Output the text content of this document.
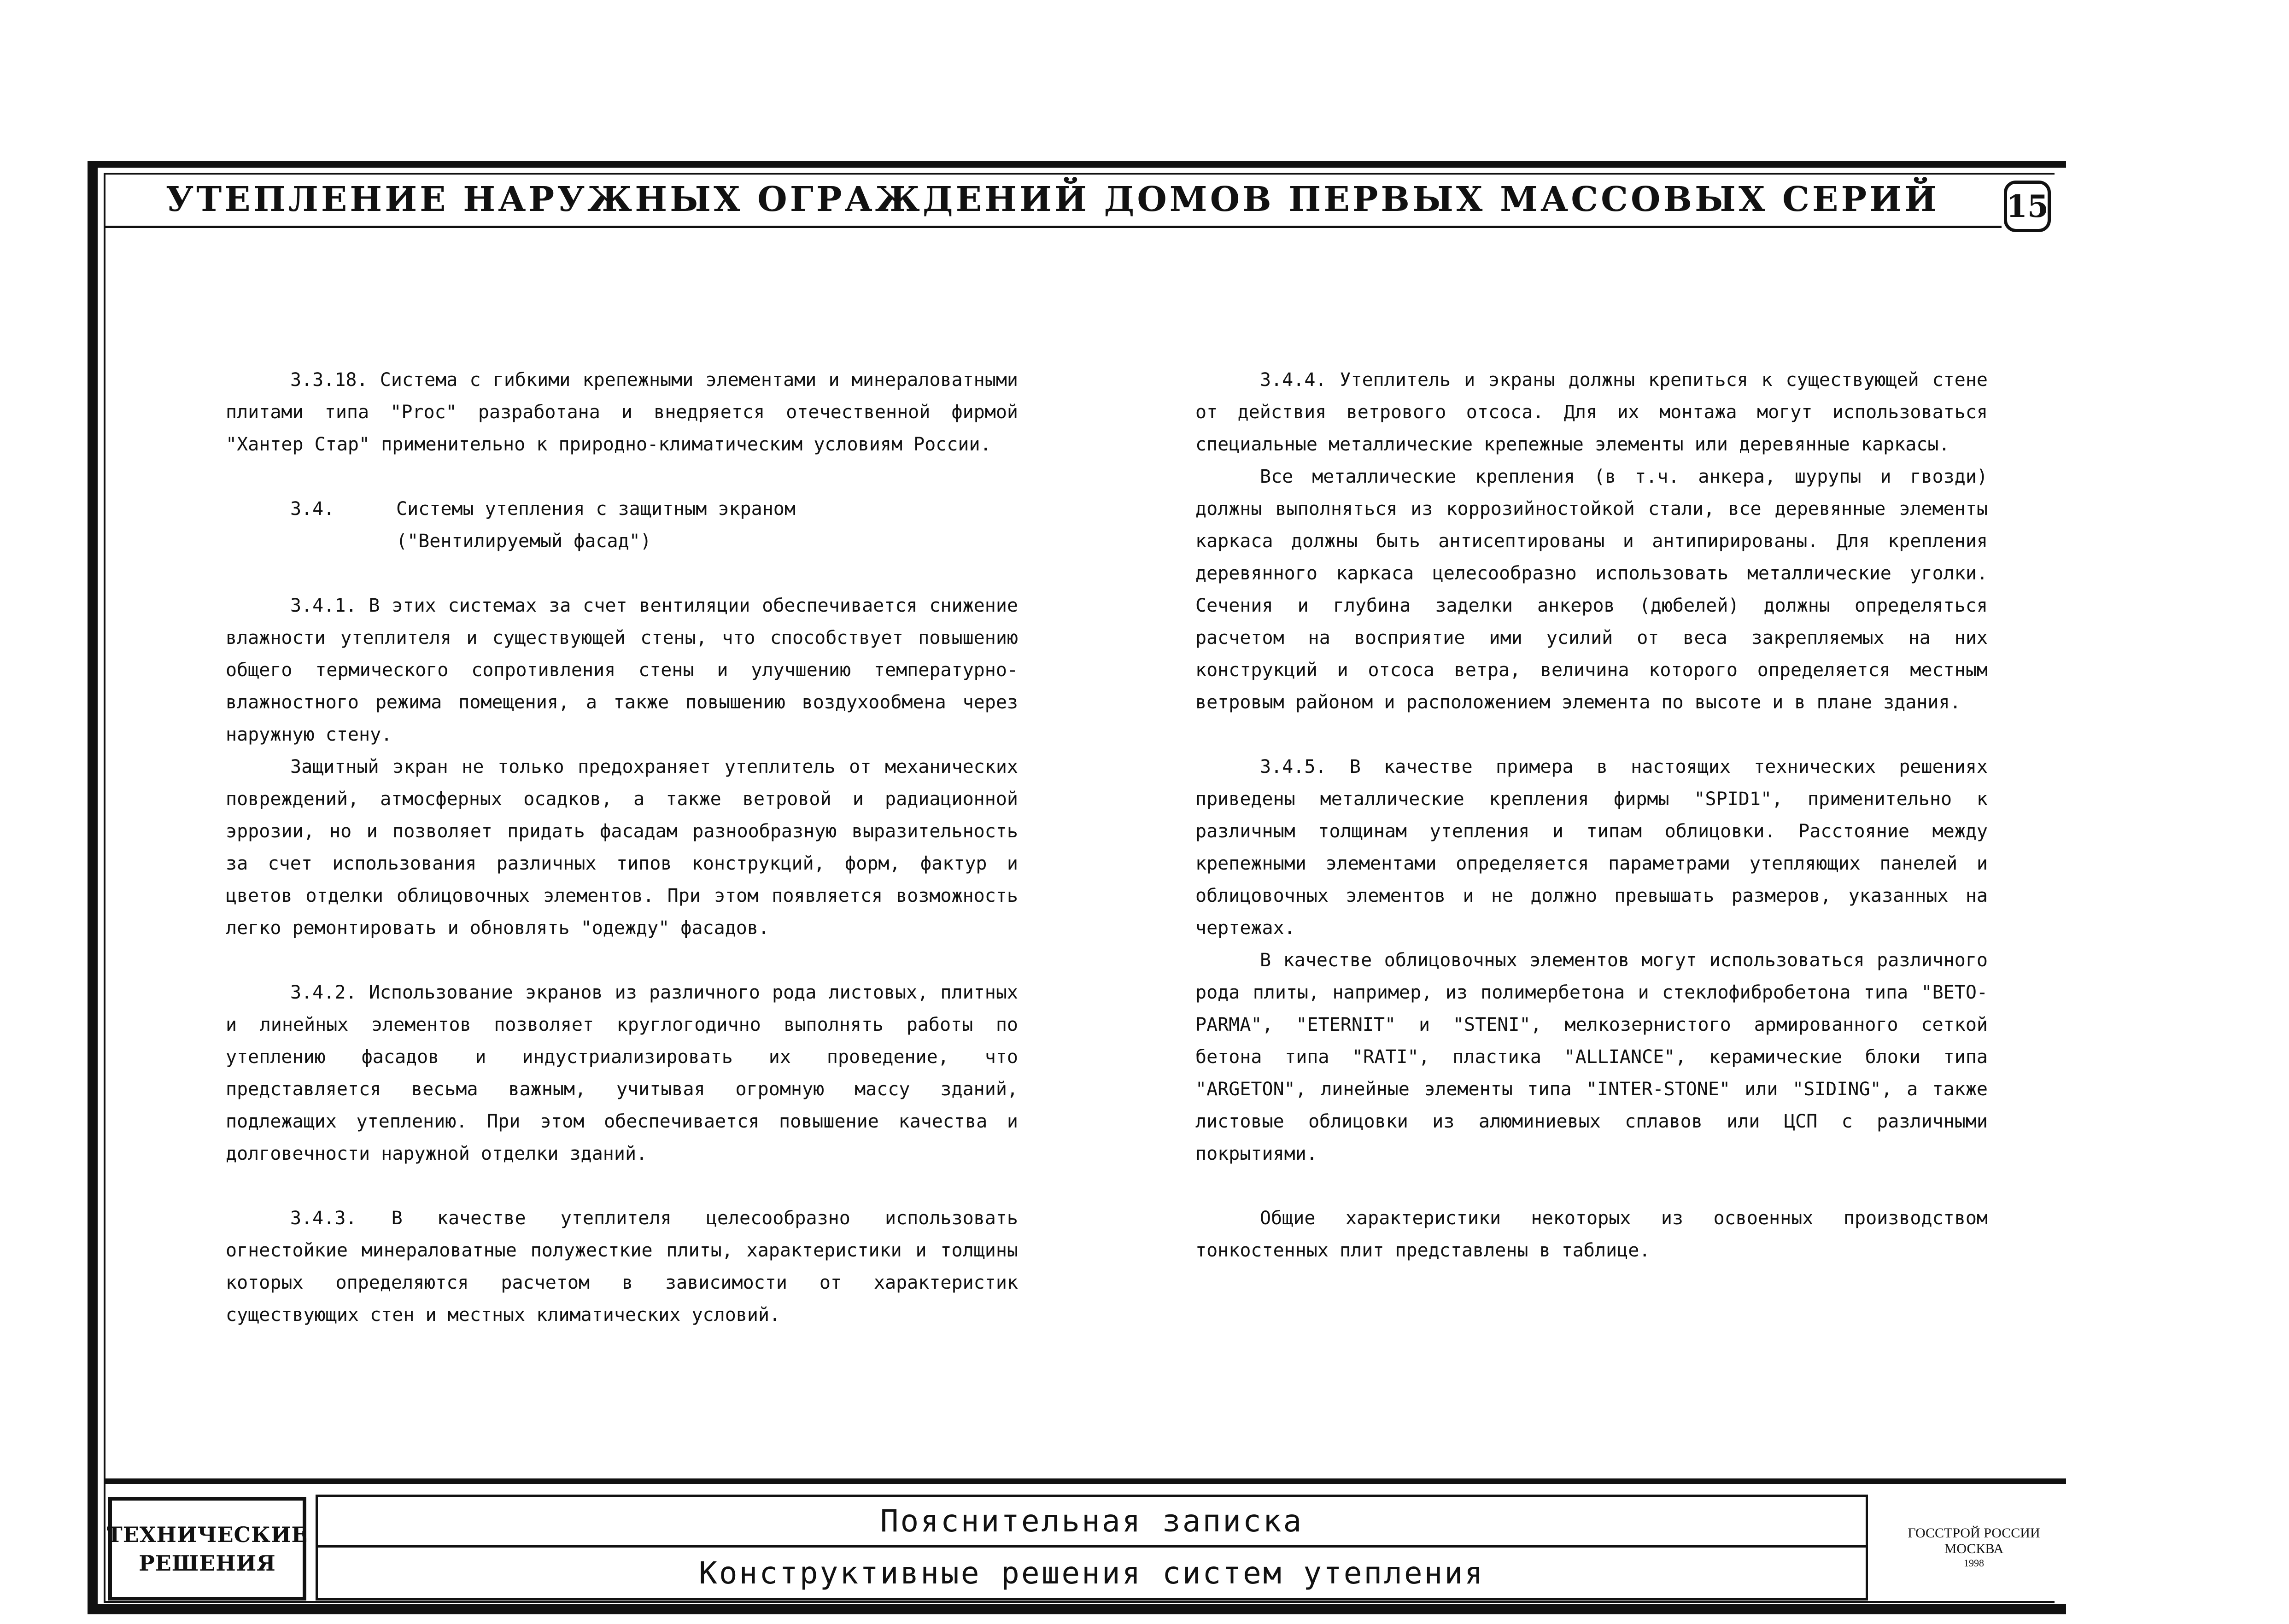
УТЕПЛЕНИЕ НАРУЖНЫХ ОГРАЖДЕНИЙ ДОМОВ ПЕРВЫХ МАССОВЫХ СЕРИЙ 15

3.3.18. Система с гибкими крепежными элементами и минераловатными плитами типа "Proc" разработана и внедряется отечественной фирмой "Хантер Стар" применительно к природно-климатическим условиям России.

3.4.	Системы утепления с защитным экраном ("Вентилируемый фасад")

3.4.1. В этих системах за счет вентиляции обеспечивается снижение влажности утеплителя и существующей стены, что способствует повышению общего термического сопротивления стены и улучшению температурно-влажностного режима помещения, а также повышению воздухообмена через наружную стену.

Защитный экран не только предохраняет утеплитель от механических повреждений, атмосферных осадков, а также ветровой и радиационной эррозии, но и позволяет придать фасадам разнообразную выразительность за счет использования различных типов конструкций, форм, фактур и цветов отделки облицовочных элементов. При этом появляется возможность легко ремонтировать и обновлять "одежду" фасадов.

3.4.2. Использование экранов из различного рода листовых, плитных и линейных элементов позволяет круглогодично выполнять работы по утеплению фасадов и индустриализировать их проведение, что представляется весьма важным, учитывая огромную массу зданий, подлежащих утеплению. При этом обеспечивается повышение качества и долговечности наружной отделки зданий.

3.4.3. В качестве утеплителя целесообразно использовать огнестойкие минераловатные полужесткие плиты, характеристики и толщины которых определяются расчетом в зависимости от характеристик существующих стен и местных климатических условий.

3.4.4. Утеплитель и экраны должны крепиться к существующей стене от действия ветрового отсоса. Для их монтажа могут использоваться специальные металлические крепежные элементы или деревянные каркасы.

Все металлические крепления (в т.ч. анкера, шурупы и гвозди) должны выполняться из коррозийностойкой стали, все деревянные элементы каркаса должны быть антисептированы и антипирированы. Для крепления деревянного каркаса целесообразно использовать металлические уголки. Сечения и глубина заделки анкеров (дюбелей) должны определяться расчетом на восприятие ими усилий от веса закрепляемых на них конструкций и отсоса ветра, величина которого определяется местным ветровым районом и расположением элемента по высоте и в плане здания.

3.4.5. В качестве примера в настоящих технических решениях приведены металлические крепления фирмы "SPID1", применительно к различным толщинам утепления и типам облицовки. Расстояние между крепежными элементами определяется параметрами утепляющих панелей и облицовочных элементов и не должно превышать размеров, указанных на чертежах.

В качестве облицовочных элементов могут использоваться различного рода плиты, например, из полимербетона и стеклофибробетона типа "BETO-PARMA", "ETERNIT" и "STENI", мелкозернистого армированного сеткой бетона типа "RATI", пластика "ALLIANCE", керамические блоки типа "ARGETON", линейные элементы типа "INTER-STONE" или "SIDING", а также листовые облицовки из алюминиевых сплавов или ЦСП с различными покрытиями.

Общие характеристики некоторых из освоенных производством тонкостенных плит представлены в таблице.

ТЕХНИЧЕСКИЕ
РЕШЕНИЯ
Пояснительная записка
Конструктивные решения систем утепления
ГОССТРОЙ РОССИИ
МОСКВА
1998
